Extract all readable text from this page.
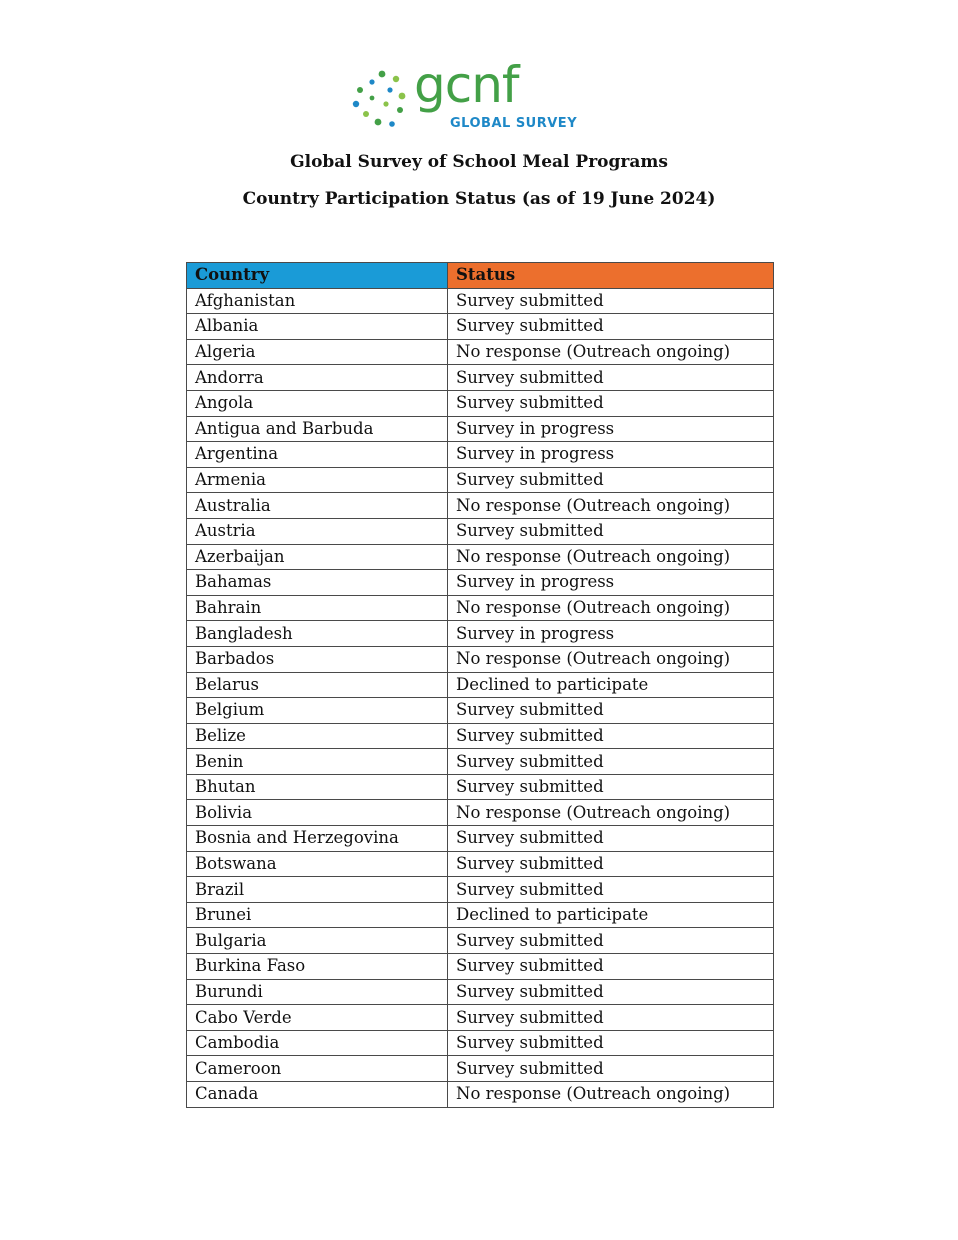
gcnf
GLOBAL SURVEY
Global Survey of School Meal Programs
Country Participation Status (as of 19 June 2024)
Country	Status
Afghanistan	Survey submitted
Albania	Survey submitted
Algeria	No response (Outreach ongoing)
Andorra	Survey submitted
Angola	Survey submitted
Antigua and Barbuda	Survey in progress
Argentina	Survey in progress
Armenia	Survey submitted
Australia	No response (Outreach ongoing)
Austria	Survey submitted
Azerbaijan	No response (Outreach ongoing)
Bahamas	Survey in progress
Bahrain	No response (Outreach ongoing)
Bangladesh	Survey in progress
Barbados	No response (Outreach ongoing)
Belarus	Declined to participate
Belgium	Survey submitted
Belize	Survey submitted
Benin	Survey submitted
Bhutan	Survey submitted
Bolivia	No response (Outreach ongoing)
Bosnia and Herzegovina	Survey submitted
Botswana	Survey submitted
Brazil	Survey submitted
Brunei	Declined to participate
Bulgaria	Survey submitted
Burkina Faso	Survey submitted
Burundi	Survey submitted
Cabo Verde	Survey submitted
Cambodia	Survey submitted
Cameroon	Survey submitted
Canada	No response (Outreach ongoing)
